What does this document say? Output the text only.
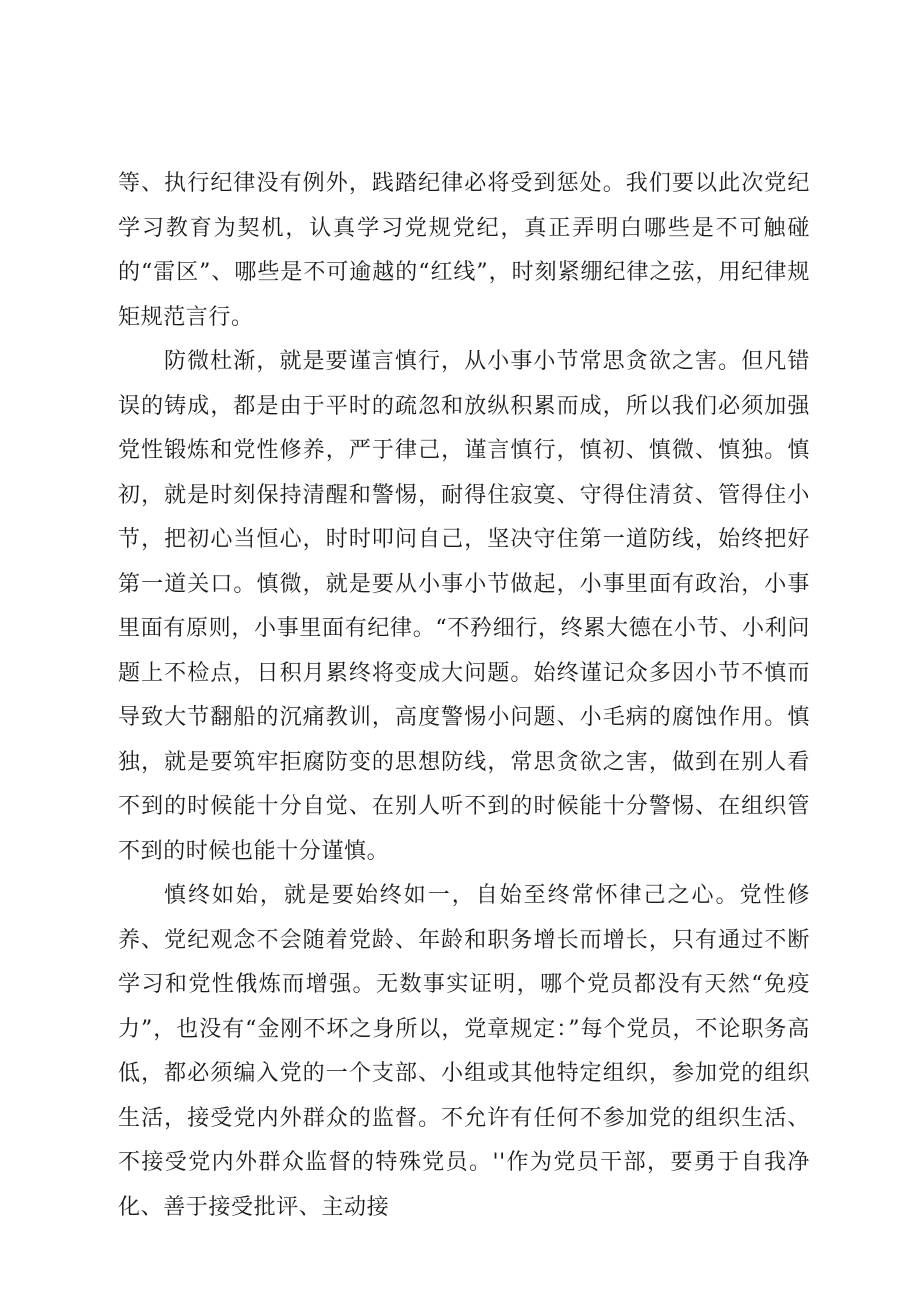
等、执行纪律没有例外，践踏纪律必将受到惩处。我们要以此次党纪学习教育为契机，认真学习党规党纪，真正弄明白哪些是不可触碰的“雷区”、哪些是不可逾越的“红线”，时刻紧绷纪律之弦，用纪律规矩规范言行。

防微杜渐，就是要谨言慎行，从小事小节常思贪欲之害。但凡错误的铸成，都是由于平时的疏忽和放纵积累而成，所以我们必须加强党性锻炼和党性修养，严于律己，谨言慎行，慎初、慎微、慎独。慎初，就是时刻保持清醒和警惕，耐得住寂寞、守得住清贫、管得住小节，把初心当恒心，时时叩问自己，坚决守住第一道防线，始终把好第一道关口。慎微，就是要从小事小节做起，小事里面有政治，小事里面有原则，小事里面有纪律。“不矜细行，终累大德在小节、小利问题上不检点，日积月累终将变成大问题。始终谨记众多因小节不慎而导致大节翻船的沉痛教训，高度警惕小问题、小毛病的腐蚀作用。慎独，就是要筑牢拒腐防变的思想防线，常思贪欲之害，做到在别人看不到的时候能十分自觉、在别人听不到的时候能十分警惕、在组织管不到的时候也能十分谨慎。

慎终如始，就是要始终如一，自始至终常怀律己之心。党性修养、党纪观念不会随着党龄、年龄和职务增长而增长，只有通过不断学习和党性俄炼而增强。无数事实证明，哪个党员都没有天然“免疫力”，也没有“金刚不坏之身所以，党章规定：”每个党员，不论职务高低，都必须编入党的一个支部、小组或其他特定组织，参加党的组织生活，接受党内外群众的监督。不允许有任何不参加党的组织生活、不接受党内外群众监督的特殊党员。''作为党员干部，要勇于自我净化、善于接受批评、主动接
